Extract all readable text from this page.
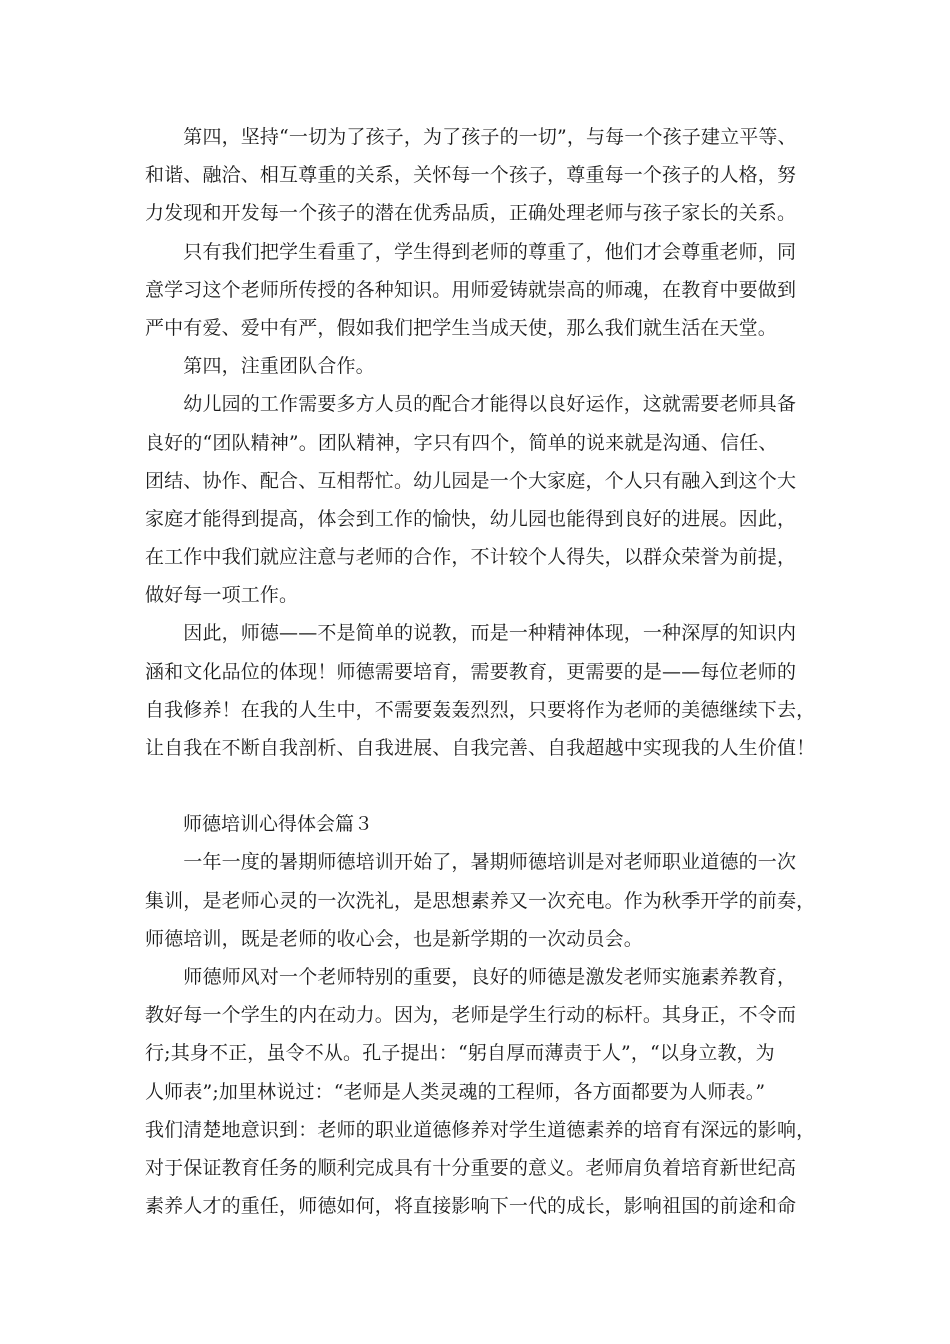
　　第四，坚持“一切为了孩子，为了孩子的一切”，与每一个孩子建立平等、
和谐、融洽、相互尊重的关系，关怀每一个孩子，尊重每一个孩子的人格，努
力发现和开发每一个孩子的潜在优秀品质，正确处理老师与孩子家长的关系。
　　只有我们把学生看重了，学生得到老师的尊重了，他们才会尊重老师，同
意学习这个老师所传授的各种知识。用师爱铸就崇高的师魂，在教育中要做到
严中有爱、爱中有严，假如我们把学生当成天使，那么我们就生活在天堂。
　　第四，注重团队合作。
　　幼儿园的工作需要多方人员的配合才能得以良好运作，这就需要老师具备
良好的“团队精神”。团队精神，字只有四个，简单的说来就是沟通、信任、
团结、协作、配合、互相帮忙。幼儿园是一个大家庭，个人只有融入到这个大
家庭才能得到提高，体会到工作的愉快，幼儿园也能得到良好的进展。因此，
在工作中我们就应注意与老师的合作，不计较个人得失，以群众荣誉为前提，
做好每一项工作。
　　因此，师德——不是简单的说教，而是一种精神体现，一种深厚的知识内
涵和文化品位的体现！师德需要培育，需要教育，更需要的是——每位老师的
自我修养！在我的人生中，不需要轰轰烈烈，只要将作为老师的美德继续下去，
让自我在不断自我剖析、自我进展、自我完善、自我超越中实现我的人生价值！
　　师德培训心得体会篇３
　　一年一度的暑期师德培训开始了，暑期师德培训是对老师职业道德的一次
集训，是老师心灵的一次洗礼，是思想素养又一次充电。作为秋季开学的前奏，
师德培训，既是老师的收心会，也是新学期的一次动员会。
　　师德师风对一个老师特别的重要，良好的师德是激发老师实施素养教育，
教好每一个学生的内在动力。因为，老师是学生行动的标杆。其身正，不令而
行;其身不正，虽令不从。孔子提出：“躬自厚而薄责于人”，“以身立教，为
人师表”;加里林说过：“老师是人类灵魂的工程师，各方面都要为人师表。”
我们清楚地意识到：老师的职业道德修养对学生道德素养的培育有深远的影响，
对于保证教育任务的顺利完成具有十分重要的意义。老师肩负着培育新世纪高
素养人才的重任，师德如何，将直接影响下一代的成长，影响祖国的前途和命
